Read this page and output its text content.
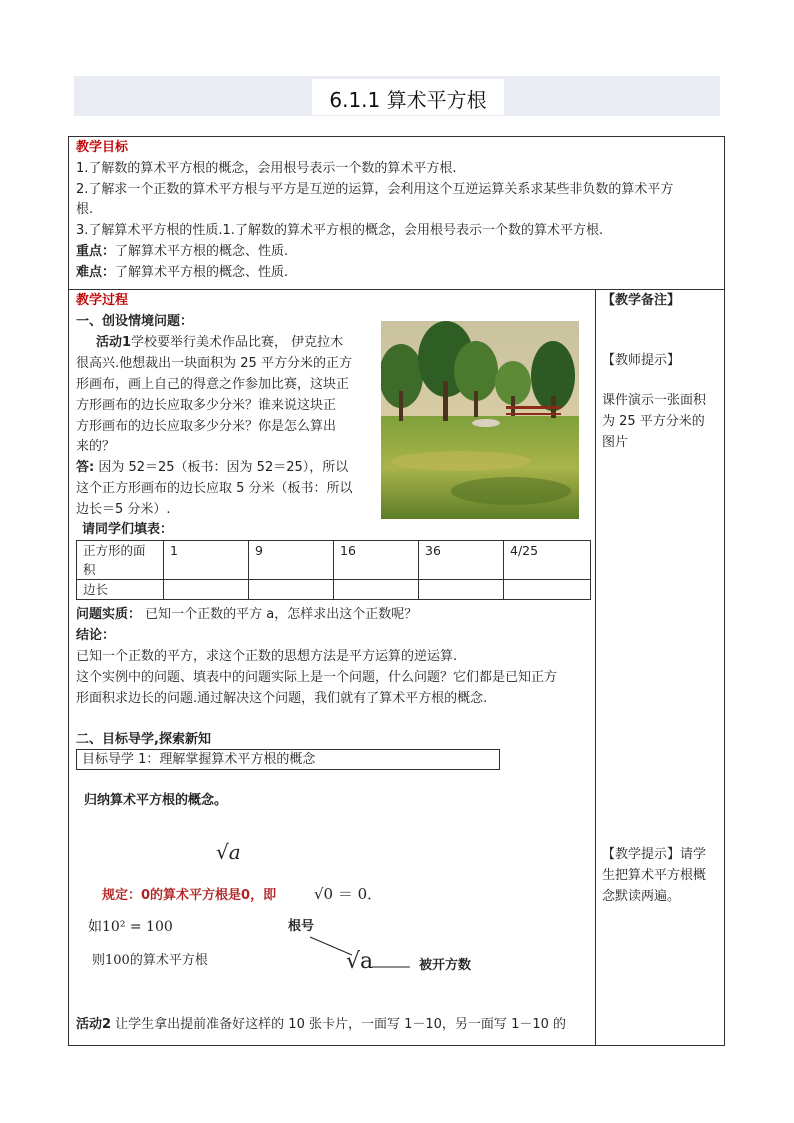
6.1.1 算术平方根
教学目标
1.了解数的算术平方根的概念，会用根号表示一个数的算术平方根.
2.了解求一个正数的算术平方根与平方是互逆的运算，会利用这个互逆运算关系求某些非负数的算术平方
根.
3.了解算术平方根的性质.1.了解数的算术平方根的概念，会用根号表示一个数的算术平方根.
重点：了解算术平方根的概念、性质.
难点：了解算术平方根的概念、性质.
教学过程
一、创设情境问题：
活动1学校要举行美术作品比赛， 伊克拉木
很高兴.他想裁出一块面积为 25 平方分米的正方
形画布，画上自己的得意之作参加比赛，这块正
方形画布的边长应取多少分米？谁来说这块正
方形画布的边长应取多少分米？你是怎么算出
来的？
答: 因为 52＝25（板书：因为 52＝25），所以
这个正方形画布的边长应取 5 分米（板书：所以
边长＝5 分米）.
请同学们填表：
正方形的面
积	1	9	16	36	4/25
边长					
问题实质： 已知一个正数的平方 a，怎样求出这个正数呢？
结论：
已知一个正数的平方，求这个正数的思想方法是平方运算的逆运算.
这个实例中的问题、填表中的问题实际上是一个问题，什么问题？它们都是已知正方
形面积求边长的问题.通过解决这个问题，我们就有了算术平方根的概念.
二、目标导学,探索新知
目标导学 1：理解掌握算术平方根的概念
归纳算术平方根的概念。
√a
规定：0的算术平方根是0，即	√0 ＝ 0．
如10² = 100
则100的算术平方根
根号
√a	被开方数
活动2 让学生拿出提前准备好这样的 10 张卡片，一面写 1－10，另一面写 1－10 的
【教学备注】
【教师提示】
课件演示一张面积
为 25 平方分米的
图片
【教学提示】请学
生把算术平方根概
念默读两遍。
